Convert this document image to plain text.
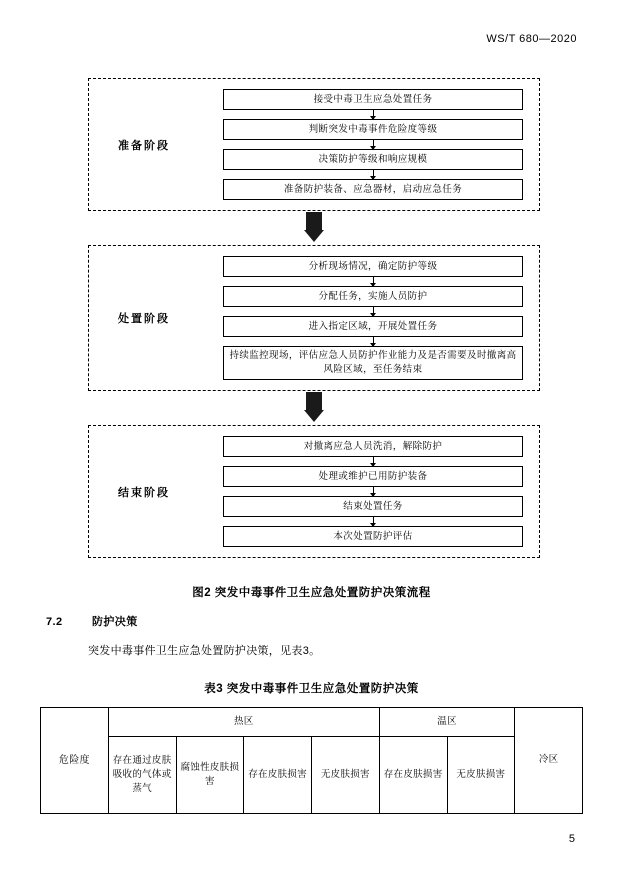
WS/T 680—2020
准备阶段
接受中毒卫生应急处置任务
判断突发中毒事件危险度等级
决策防护等级和响应规模
准备防护装备、应急器材，启动应急任务
处置阶段
分析现场情况，确定防护等级
分配任务，实施人员防护
进入指定区域，开展处置任务
持续监控现场，评估应急人员防护作业能力及是否需要及时撤离高风险区域，至任务结束
结束阶段
对撤离应急人员洗消，解除防护
处理或维护已用防护装备
结束处置任务
本次处置防护评估
图2 突发中毒事件卫生应急处置防护决策流程
7.2	防护决策
突发中毒事件卫生应急处置防护决策，见表3。
表3 突发中毒事件卫生应急处置防护决策
危险度	热区				温区		冷区
	存在通过皮肤吸收的气体或蒸气	腐蚀性皮肤损害	存在皮肤损害	无皮肤损害	存在皮肤损害	无皮肤损害	
5
